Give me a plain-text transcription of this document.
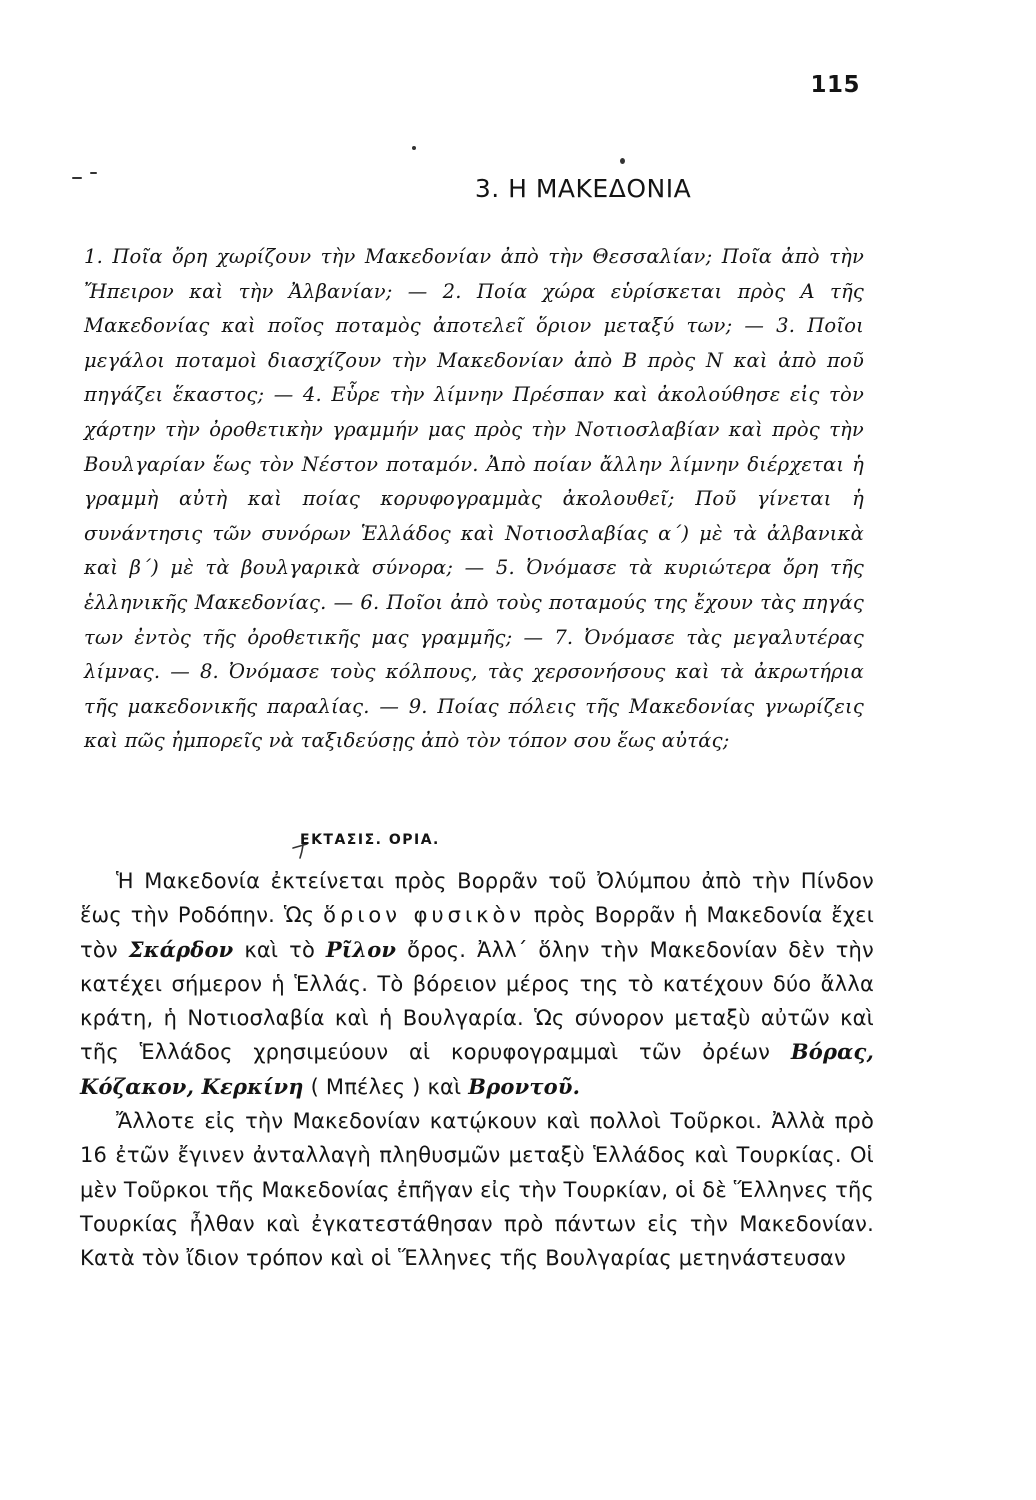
115
3. Η ΜΑΚΕΔΟΝΙΑ

1. Ποῖα ὄρη χωρίζουν τὴν Μακεδονίαν ἀπὸ τὴν Θεσσαλίαν; Ποῖα ἀπὸ τὴν Ἤπειρον καὶ τὴν Ἀλβανίαν; — 2. Ποία χώρα εὑρίσκεται πρὸς Α τῆς Μακεδονίας καὶ ποῖος ποταμὸς ἀποτελεῖ ὅριον μεταξύ των; — 3. Ποῖοι μεγάλοι ποταμοὶ διασχίζουν τὴν Μακεδονίαν ἀπὸ Β πρὸς Ν καὶ ἀπὸ ποῦ πηγάζει ἕκαστος; — 4. Εὗρε τὴν λίμνην Πρέσπαν καὶ ἀκολούθησε εἰς τὸν χάρτην τὴν ὀροθετικὴν γραμμήν μας πρὸς τὴν Νοτιοσλαβίαν καὶ πρὸς τὴν Βουλγαρίαν ἕως τὸν Νέστον ποταμόν. Ἀπὸ ποίαν ἄλλην λίμνην διέρχεται ἡ γραμμὴ αὐτὴ καὶ ποίας κορυφογραμμὰς ἀκολουθεῖ; Ποῦ γίνεται ἡ συνάντησις τῶν συνόρων Ἑλλάδος καὶ Νοτιοσλαβίας α΄) μὲ τὰ ἀλβανικὰ καὶ β΄) μὲ τὰ βουλγαρικὰ σύνορα; — 5. Ὀνόμασε τὰ κυριώτερα ὄρη τῆς ἑλληνικῆς Μακεδονίας. — 6. Ποῖοι ἀπὸ τοὺς ποταμούς της ἔχουν τὰς πηγάς των ἐντὸς τῆς ὀροθετικῆς μας γραμμῆς; — 7. Ὀνόμασε τὰς μεγαλυτέρας λίμνας. — 8. Ὀνόμασε τοὺς κόλπους, τὰς χερσονήσους καὶ τὰ ἀκρωτήρια τῆς μακεδονικῆς παραλίας. — 9. Ποίας πόλεις τῆς Μακεδονίας γνωρίζεις καὶ πῶς ἠμπορεῖς νὰ ταξιδεύσῃς ἀπὸ τὸν τόπον σου ἕως αὐτάς;

ΕΚΤΑΣΙΣ. ΟΡΙΑ.

Ἡ Μακεδονία ἐκτείνεται πρὸς Βορρᾶν τοῦ Ὀλύμπου ἀπὸ τὴν Πίνδον ἕως τὴν Ροδόπην. Ὡς ὅριον φυσικὸν πρὸς Βορρᾶν ἡ Μακεδονία ἔχει τὸν Σκάρδον καὶ τὸ Ρῖλον ὄρος. Ἀλλ΄ ὅλην τὴν Μακεδονίαν δὲν τὴν κατέχει σήμερον ἡ Ἑλλάς. Τὸ βόρειον μέρος της τὸ κατέχουν δύο ἄλλα κράτη, ἡ Νοτιοσλαβία καὶ ἡ Βουλγαρία. Ὡς σύνορον μεταξὺ αὐτῶν καὶ τῆς Ἑλλάδος χρησιμεύουν αἱ κορυφογραμμαὶ τῶν ὀρέων Βόρας, Κόζακον, Κερκίνη ( Μπέλες ) καὶ Βροντοῦ.

Ἄλλοτε εἰς τὴν Μακεδονίαν κατῴκουν καὶ πολλοὶ Τοῦρκοι. Ἀλλὰ πρὸ 16 ἐτῶν ἔγινεν ἀνταλλαγὴ πληθυσμῶν μεταξὺ Ἑλλάδος καὶ Τουρκίας. Οἱ μὲν Τοῦρκοι τῆς Μακεδονίας ἐπῆγαν εἰς τὴν Τουρκίαν, οἱ δὲ Ἕλληνες τῆς Τουρκίας ἦλθαν καὶ ἐγκατεστάθησαν πρὸ πάντων εἰς τὴν Μακεδονίαν. Κατὰ τὸν ἴδιον τρόπον καὶ οἱ Ἕλληνες τῆς Βουλγαρίας μετηνάστευσαν
